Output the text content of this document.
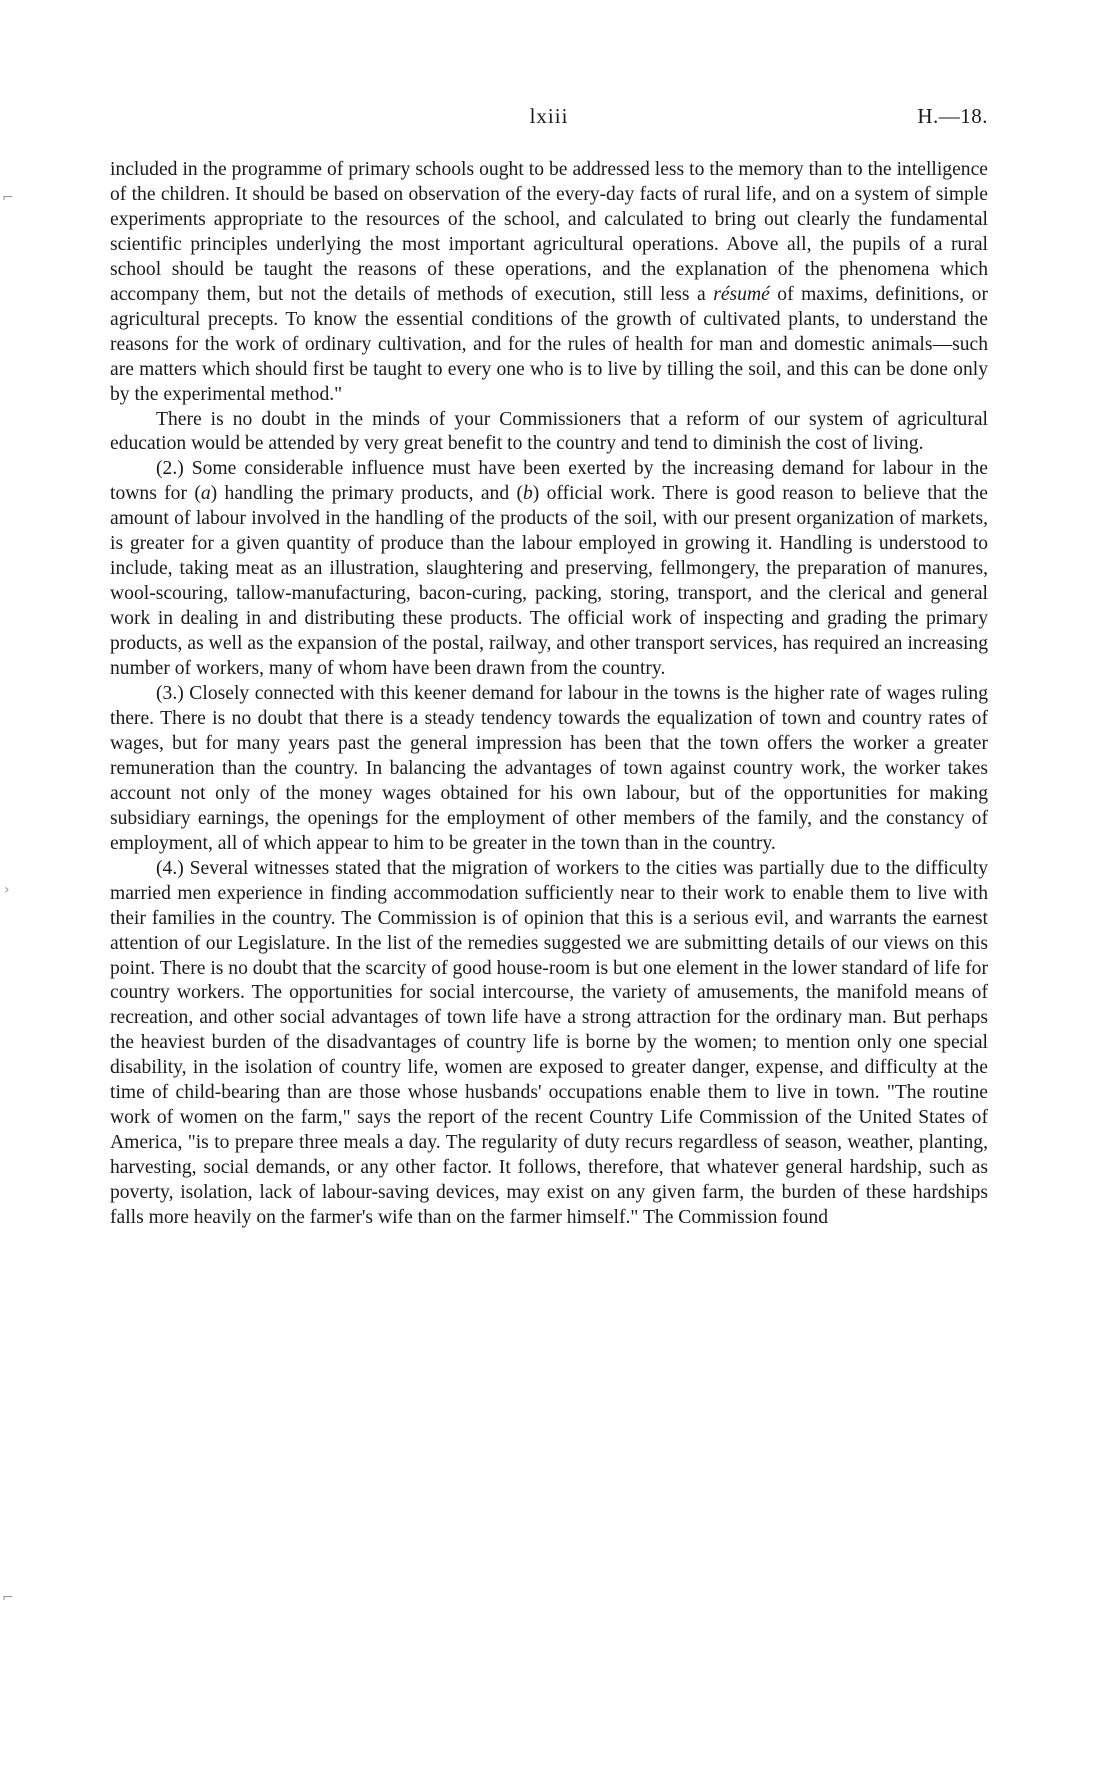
lxiii	H.—18.

included in the programme of primary schools ought to be addressed less to the memory than to the intelligence of the children. It should be based on observation of the every-day facts of rural life, and on a system of simple experiments appropriate to the resources of the school, and calculated to bring out clearly the fundamental scientific principles underlying the most important agricultural operations. Above all, the pupils of a rural school should be taught the reasons of these operations, and the explanation of the phenomena which accompany them, but not the details of methods of execution, still less a résumé of maxims, definitions, or agricultural precepts. To know the essential conditions of the growth of cultivated plants, to understand the reasons for the work of ordinary cultivation, and for the rules of health for man and domestic animals—such are matters which should first be taught to every one who is to live by tilling the soil, and this can be done only by the experimental method."

There is no doubt in the minds of your Commissioners that a reform of our system of agricultural education would be attended by very great benefit to the country and tend to diminish the cost of living.

(2.) Some considerable influence must have been exerted by the increasing demand for labour in the towns for (a) handling the primary products, and (b) official work. There is good reason to believe that the amount of labour involved in the handling of the products of the soil, with our present organization of markets, is greater for a given quantity of produce than the labour employed in growing it. Handling is understood to include, taking meat as an illustration, slaughtering and preserving, fellmongery, the preparation of manures, wool-scouring, tallow-manufacturing, bacon-curing, packing, storing, transport, and the clerical and general work in dealing in and distributing these products. The official work of inspecting and grading the primary products, as well as the expansion of the postal, railway, and other transport services, has required an increasing number of workers, many of whom have been drawn from the country.

(3.) Closely connected with this keener demand for labour in the towns is the higher rate of wages ruling there. There is no doubt that there is a steady tendency towards the equalization of town and country rates of wages, but for many years past the general impression has been that the town offers the worker a greater remuneration than the country. In balancing the advantages of town against country work, the worker takes account not only of the money wages obtained for his own labour, but of the opportunities for making subsidiary earnings, the openings for the employment of other members of the family, and the constancy of employment, all of which appear to him to be greater in the town than in the country.

(4.) Several witnesses stated that the migration of workers to the cities was partially due to the difficulty married men experience in finding accommodation sufficiently near to their work to enable them to live with their families in the country. The Commission is of opinion that this is a serious evil, and warrants the earnest attention of our Legislature. In the list of the remedies suggested we are submitting details of our views on this point. There is no doubt that the scarcity of good house-room is but one element in the lower standard of life for country workers. The opportunities for social intercourse, the variety of amusements, the manifold means of recreation, and other social advantages of town life have a strong attraction for the ordinary man. But perhaps the heaviest burden of the disadvantages of country life is borne by the women; to mention only one special disability, in the isolation of country life, women are exposed to greater danger, expense, and difficulty at the time of child-bearing than are those whose husbands' occupations enable them to live in town. "The routine work of women on the farm," says the report of the recent Country Life Commission of the United States of America, "is to prepare three meals a day. The regularity of duty recurs regardless of season, weather, planting, harvesting, social demands, or any other factor. It follows, therefore, that whatever general hardship, such as poverty, isolation, lack of labour-saving devices, may exist on any given farm, the burden of these hardships falls more heavily on the farmer's wife than on the farmer himself." The Commission found

⌐
›
⌐
